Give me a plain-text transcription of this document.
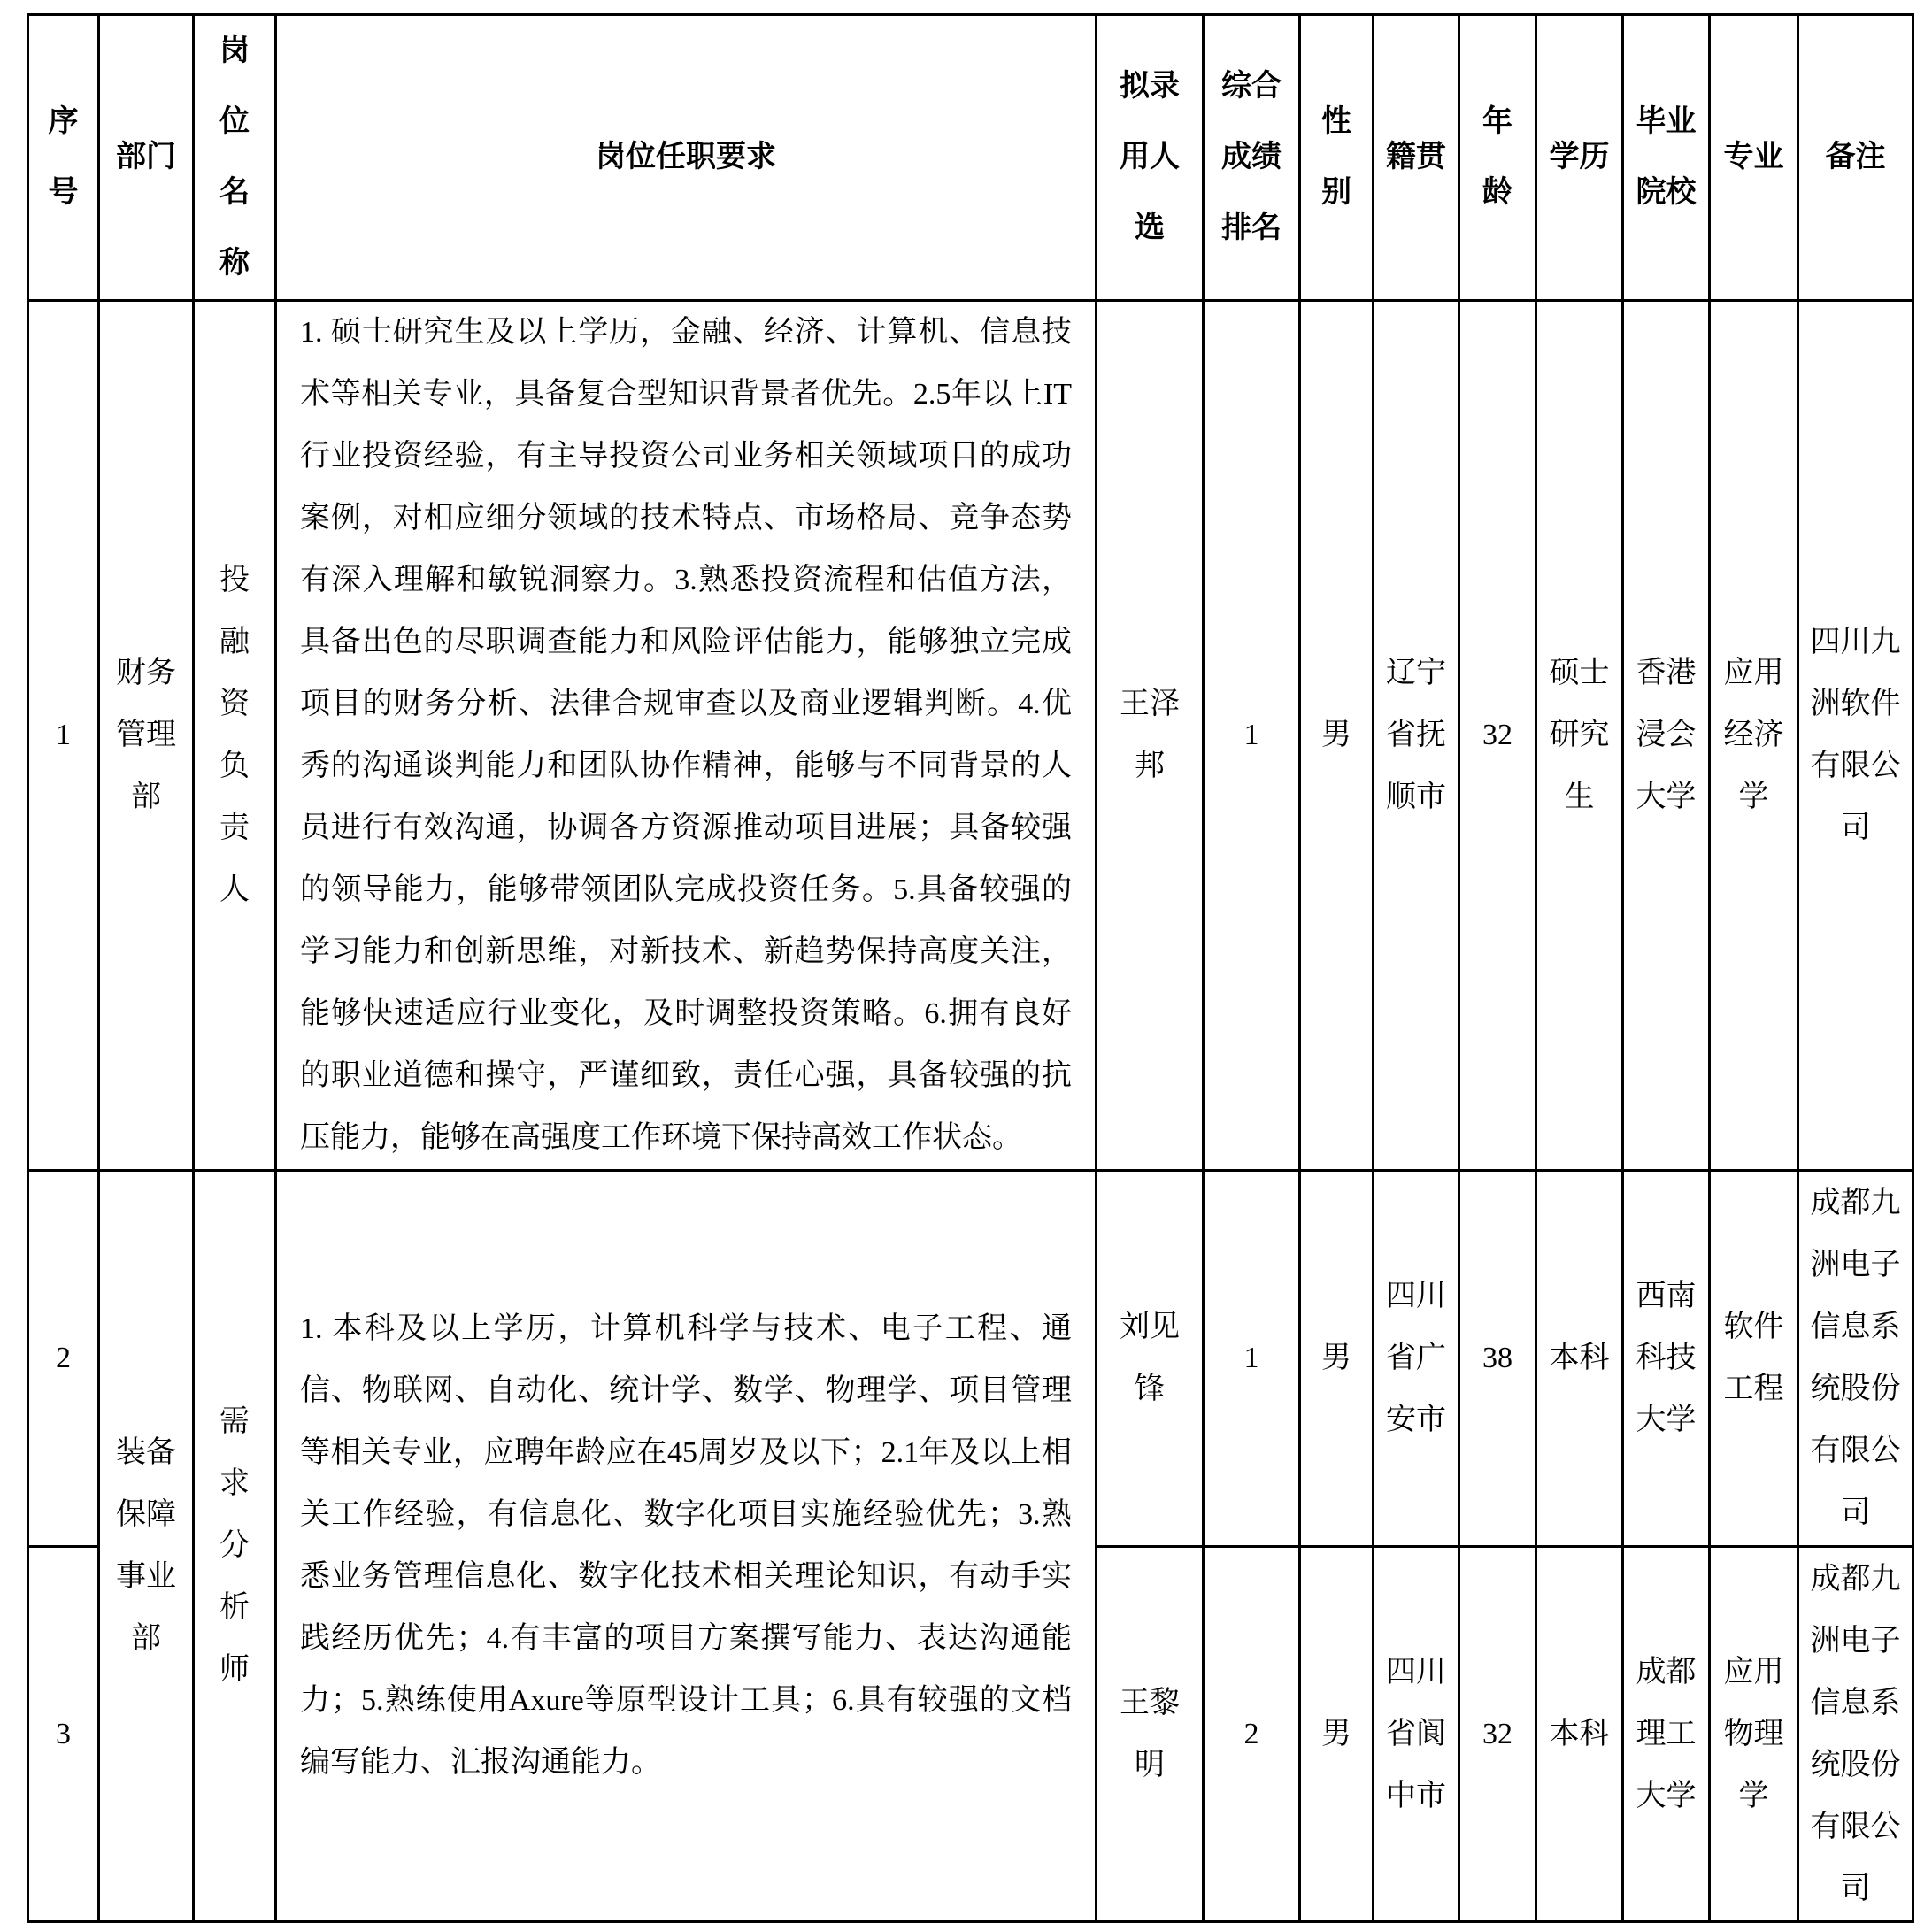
序号	部门	岗位名称	岗位任职要求	拟录用人选	综合成绩排名	性别	籍贯	年龄	学历	毕业院校	专业	备注
1	财务管理部	投融资负责人	1. 硕士研究生及以上学历，金融、经济、计算机、信息技术等相关专业，具备复合型知识背景者优先。2.5年以上IT行业投资经验，有主导投资公司业务相关领域项目的成功案例，对相应细分领域的技术特点、市场格局、竞争态势有深入理解和敏锐洞察力。3.熟悉投资流程和估值方法，具备出色的尽职调查能力和风险评估能力，能够独立完成项目的财务分析、法律合规审查以及商业逻辑判断。4.优秀的沟通谈判能力和团队协作精神，能够与不同背景的人员进行有效沟通，协调各方资源推动项目进展；具备较强的领导能力，能够带领团队完成投资任务。5.具备较强的学习能力和创新思维，对新技术、新趋势保持高度关注，能够快速适应行业变化，及时调整投资策略。6.拥有良好的职业道德和操守，严谨细致，责任心强，具备较强的抗压能力，能够在高强度工作环境下保持高效工作状态。	王泽邦	1	男	辽宁省抚顺市	32	硕士研究生	香港浸会大学	应用经济学	四川九洲软件有限公司
2	装备保障事业部	需求分析师	1. 本科及以上学历，计算机科学与技术、电子工程、通信、物联网、自动化、统计学、数学、物理学、项目管理等相关专业，应聘年龄应在45周岁及以下；2.1年及以上相关工作经验，有信息化、数字化项目实施经验优先；3.熟悉业务管理信息化、数字化技术相关理论知识，有动手实践经历优先；4.有丰富的项目方案撰写能力、表达沟通能力；5.熟练使用Axure等原型设计工具；6.具有较强的文档编写能力、汇报沟通能力。	刘见锋	1	男	四川省广安市	38	本科	西南科技大学	软件工程	成都九洲电子信息系统股份有限公司
3				王黎明	2	男	四川省阆中市	32	本科	成都理工大学	应用物理学	成都九洲电子信息系统股份有限公司
